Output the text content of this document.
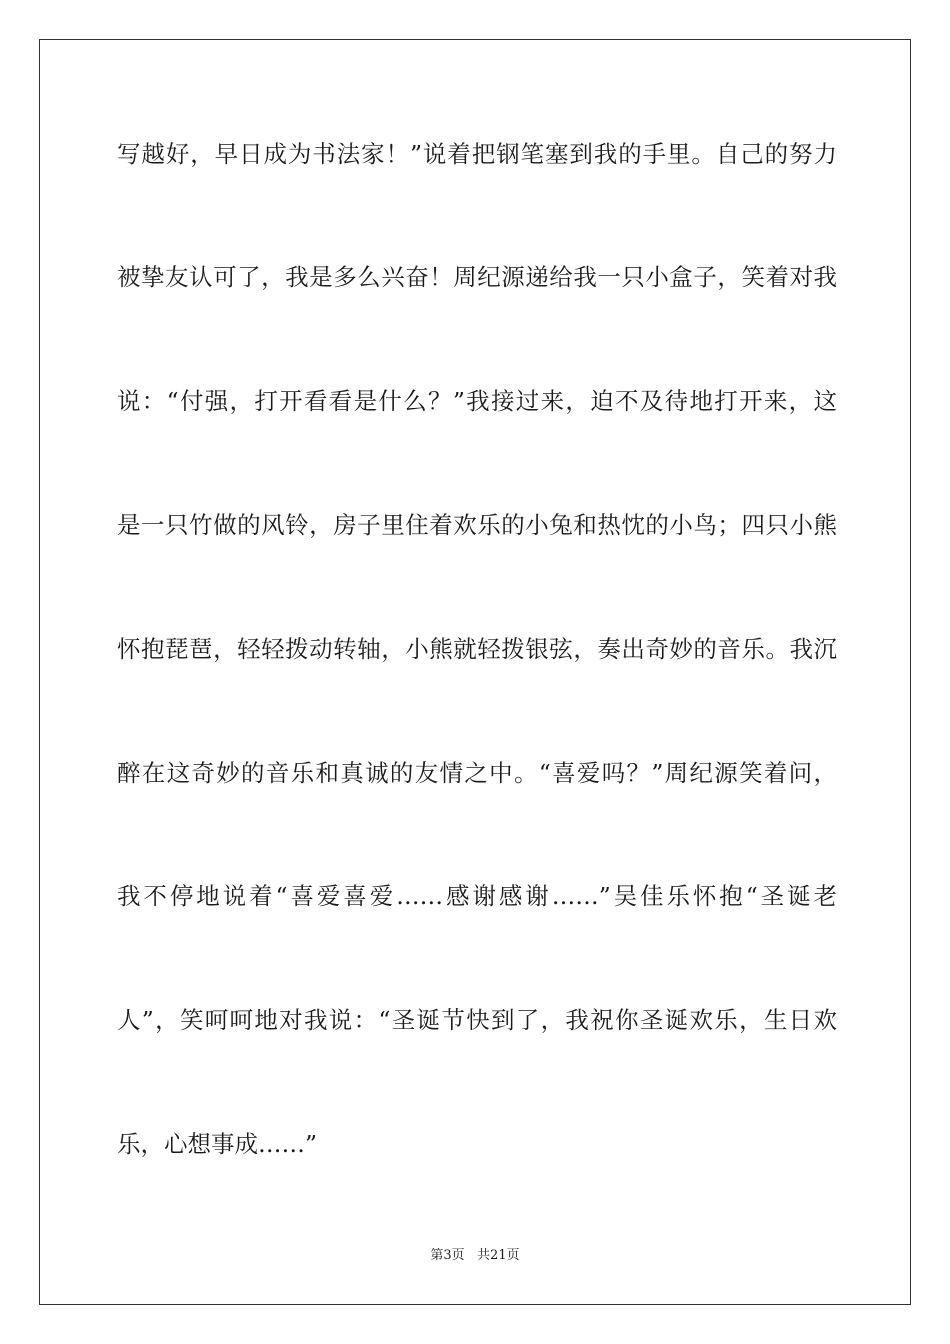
写越好，早日成为书法家！”说着把钢笔塞到我的手里。自己的努力
被挚友认可了，我是多么兴奋！周纪源递给我一只小盒子，笑着对我
说：“付强，打开看看是什么？”我接过来，迫不及待地打开来，这
是一只竹做的风铃，房子里住着欢乐的小兔和热忱的小鸟；四只小熊
怀抱琵琶，轻轻拨动转轴，小熊就轻拨银弦，奏出奇妙的音乐。我沉
醉在这奇妙的音乐和真诚的友情之中。“喜爱吗？”周纪源笑着问，
我不停地说着“喜爱喜爱……感谢感谢……”吴佳乐怀抱“圣诞老
人”，笑呵呵地对我说：“圣诞节快到了，我祝你圣诞欢乐，生日欢
乐，心想事成……”
第3页   共21页
